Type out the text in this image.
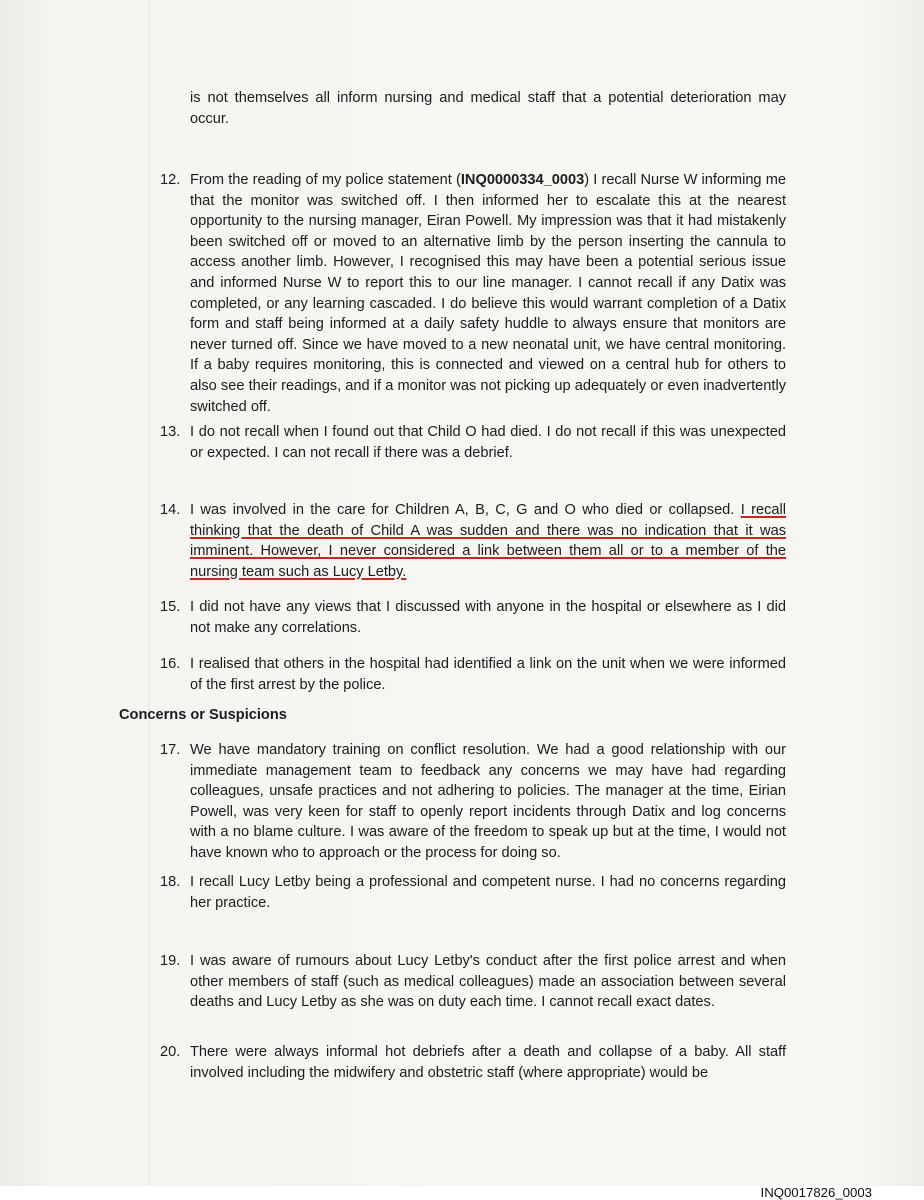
is not themselves all inform nursing and medical staff that a potential deterioration may occur.
12. From the reading of my police statement (INQ0000334_0003) I recall Nurse W informing me that the monitor was switched off. I then informed her to escalate this at the nearest opportunity to the nursing manager, Eiran Powell. My impression was that it had mistakenly been switched off or moved to an alternative limb by the person inserting the cannula to access another limb. However, I recognised this may have been a potential serious issue and informed Nurse W to report this to our line manager. I cannot recall if any Datix was completed, or any learning cascaded. I do believe this would warrant completion of a Datix form and staff being informed at a daily safety huddle to always ensure that monitors are never turned off. Since we have moved to a new neonatal unit, we have central monitoring. If a baby requires monitoring, this is connected and viewed on a central hub for others to also see their readings, and if a monitor was not picking up adequately or even inadvertently switched off.
13. I do not recall when I found out that Child O had died. I do not recall if this was unexpected or expected. I can not recall if there was a debrief.
14. I was involved in the care for Children A, B, C, G and O who died or collapsed. I recall thinking that the death of Child A was sudden and there was no indication that it was imminent. However, I never considered a link between them all or to a member of the nursing team such as Lucy Letby.
15. I did not have any views that I discussed with anyone in the hospital or elsewhere as I did not make any correlations.
16. I realised that others in the hospital had identified a link on the unit when we were informed of the first arrest by the police.
Concerns or Suspicions
17. We have mandatory training on conflict resolution. We had a good relationship with our immediate management team to feedback any concerns we may have had regarding colleagues, unsafe practices and not adhering to policies. The manager at the time, Eirian Powell, was very keen for staff to openly report incidents through Datix and log concerns with a no blame culture. I was aware of the freedom to speak up but at the time, I would not have known who to approach or the process for doing so.
18. I recall Lucy Letby being a professional and competent nurse. I had no concerns regarding her practice.
19. I was aware of rumours about Lucy Letby's conduct after the first police arrest and when other members of staff (such as medical colleagues) made an association between several deaths and Lucy Letby as she was on duty each time. I cannot recall exact dates.
20. There were always informal hot debriefs after a death and collapse of a baby. All staff involved including the midwifery and obstetric staff (where appropriate) would be
INQ0017826_0003
